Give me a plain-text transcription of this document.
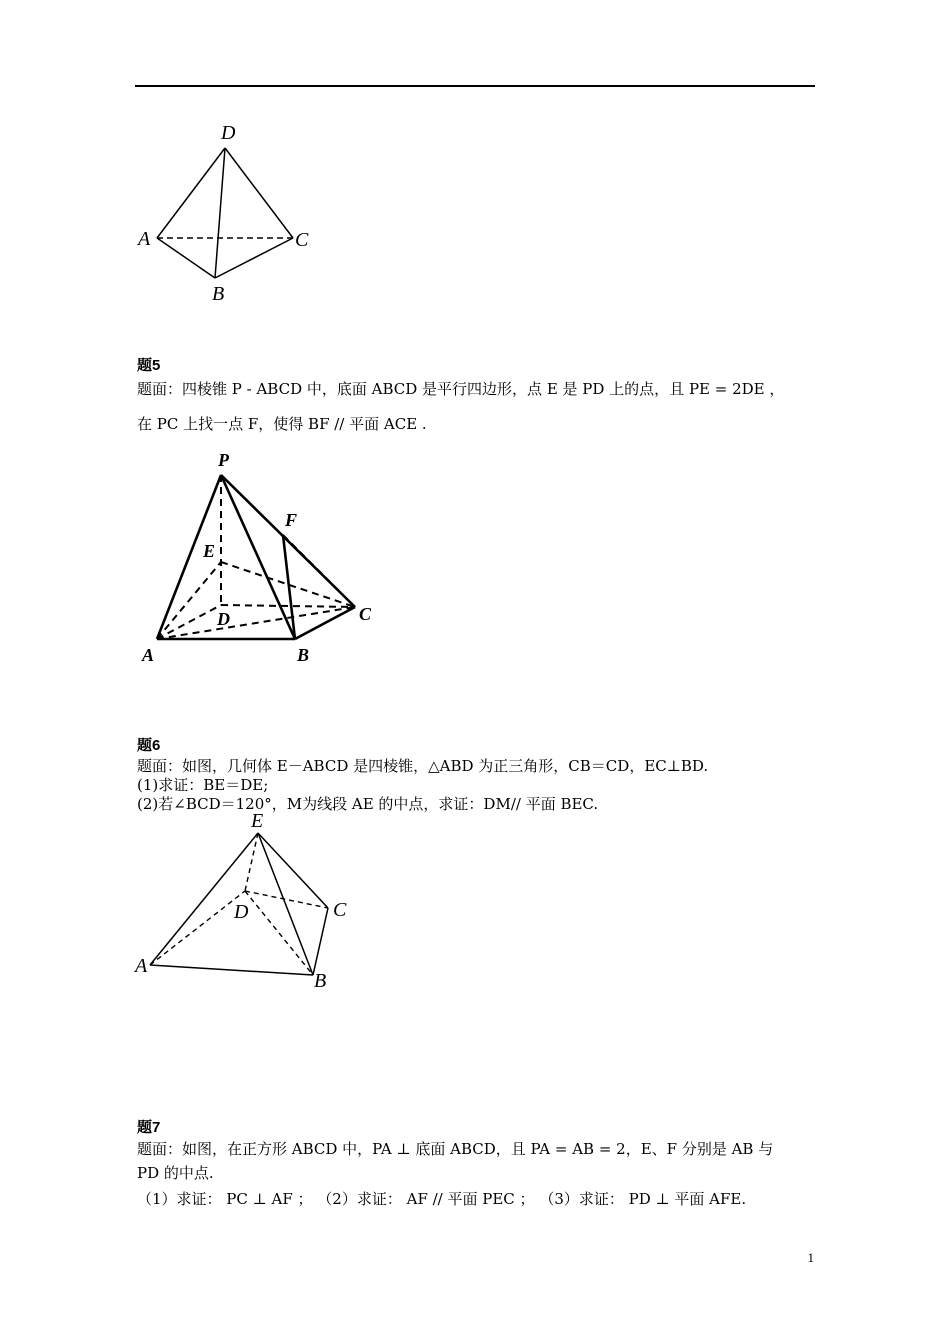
D
A
B
C
题5
题面：四棱锥 P - ABCD 中，底面 ABCD 是平行四边形，点 E 是 PD 上的点，且 PE = 2DE ，
在 PC 上找一点 F，使得 BF // 平面 ACE .
P
F
E
D	C
A	B
题6
题面：如图，几何体 E－ABCD 是四棱锥，△ABD 为正三角形，CB＝CD，EC⊥BD.
(1)求证：BE＝DE;
(2)若∠BCD＝120°，M为线段 AE 的中点，求证：DM// 平面 BEC.
E
D	C
A
B
题7
题面：如图，在正方形 ABCD 中，PA ⊥ 底面 ABCD，且 PA = AB = 2，E、F 分别是 AB 与
PD 的中点.
（1）求证： PC ⊥ AF ； （2）求证： AF // 平面 PEC ； （3）求证： PD ⊥ 平面 AFE.
1
